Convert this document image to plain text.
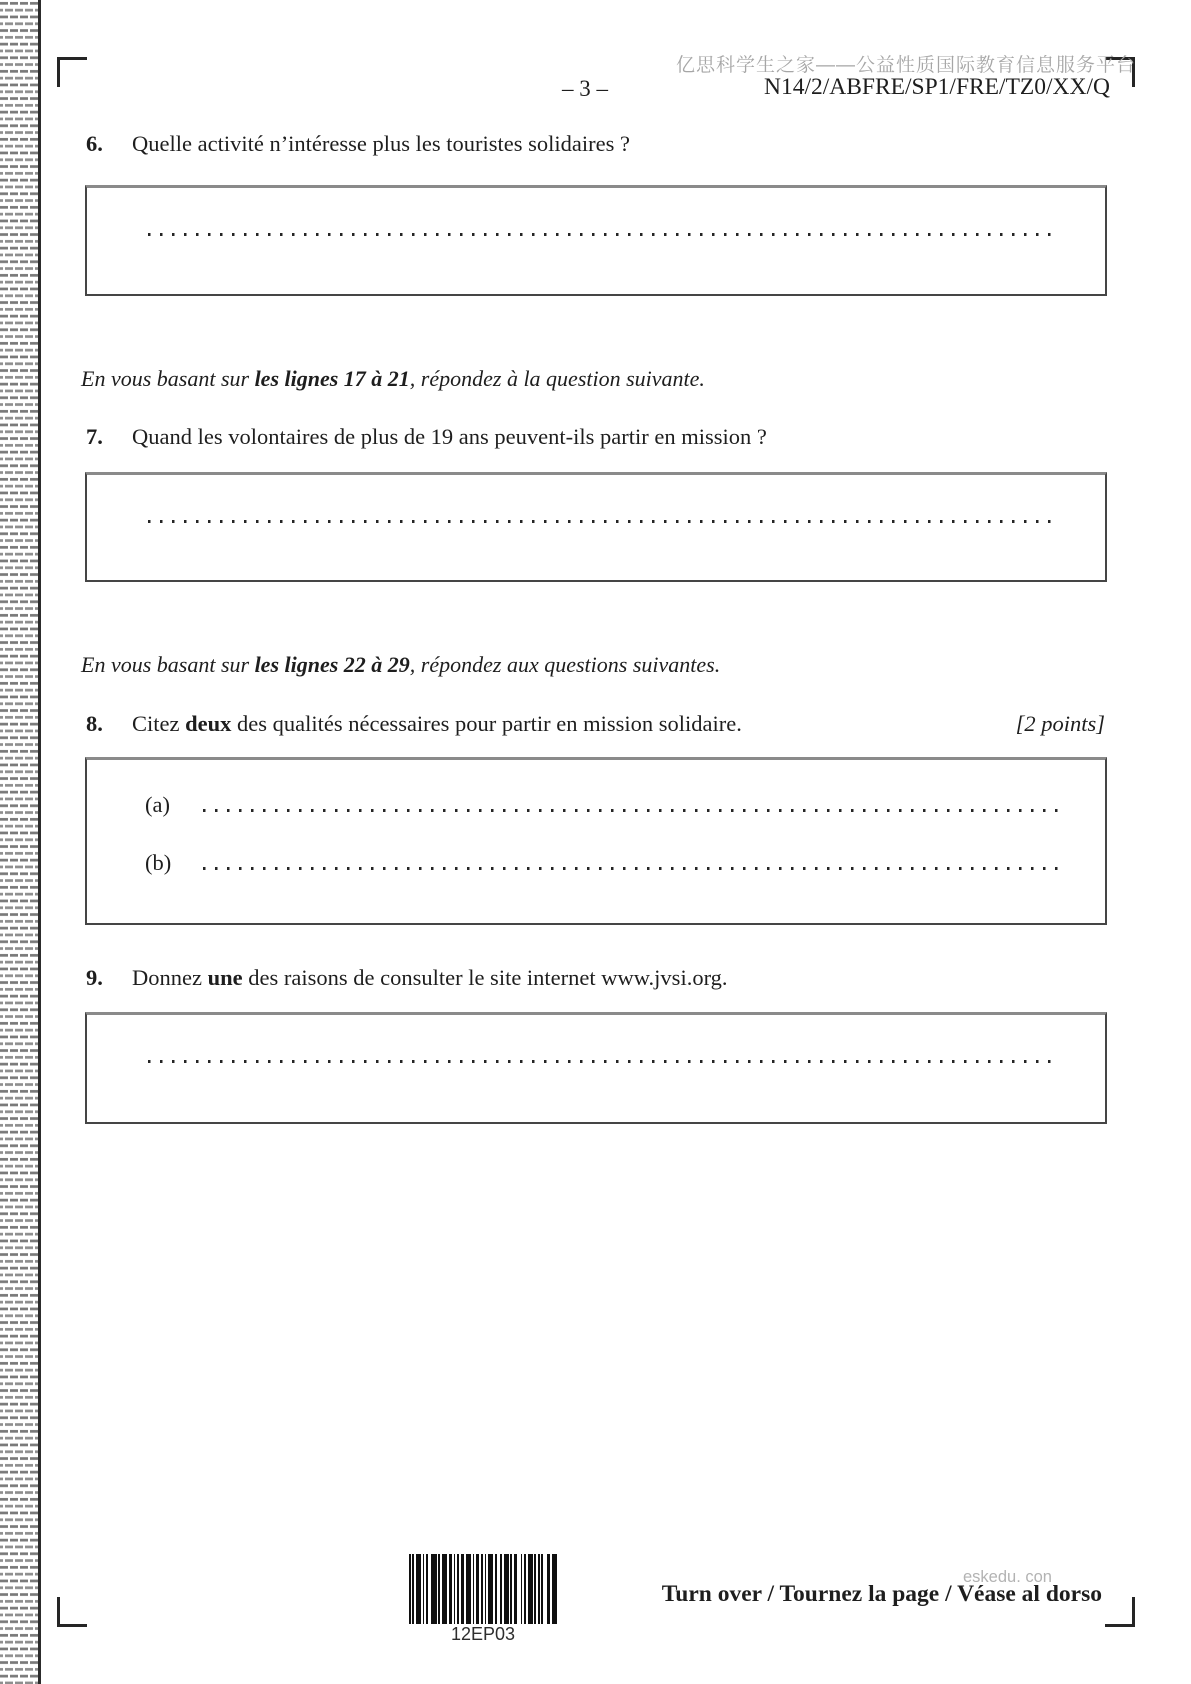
亿思科学生之家——公益性质国际教育信息服务平台
– 3 –	N14/2/ABFRE/SP1/FRE/TZ0/XX/Q
6.	Quelle activité n’intéresse plus les touristes solidaires ?
En vous basant sur les lignes 17 à 21, répondez à la question suivante.
7.	Quand les volontaires de plus de 19 ans peuvent-ils partir en mission ?
En vous basant sur les lignes 22 à 29, répondez aux questions suivantes.
8.	Citez deux des qualités nécessaires pour partir en mission solidaire.	[2 points]
(a)
(b)
9.	Donnez une des raisons de consulter le site internet www.jvsi.org.
12EP03
eskedu. con
Turn over / Tournez la page / Véase al dorso
